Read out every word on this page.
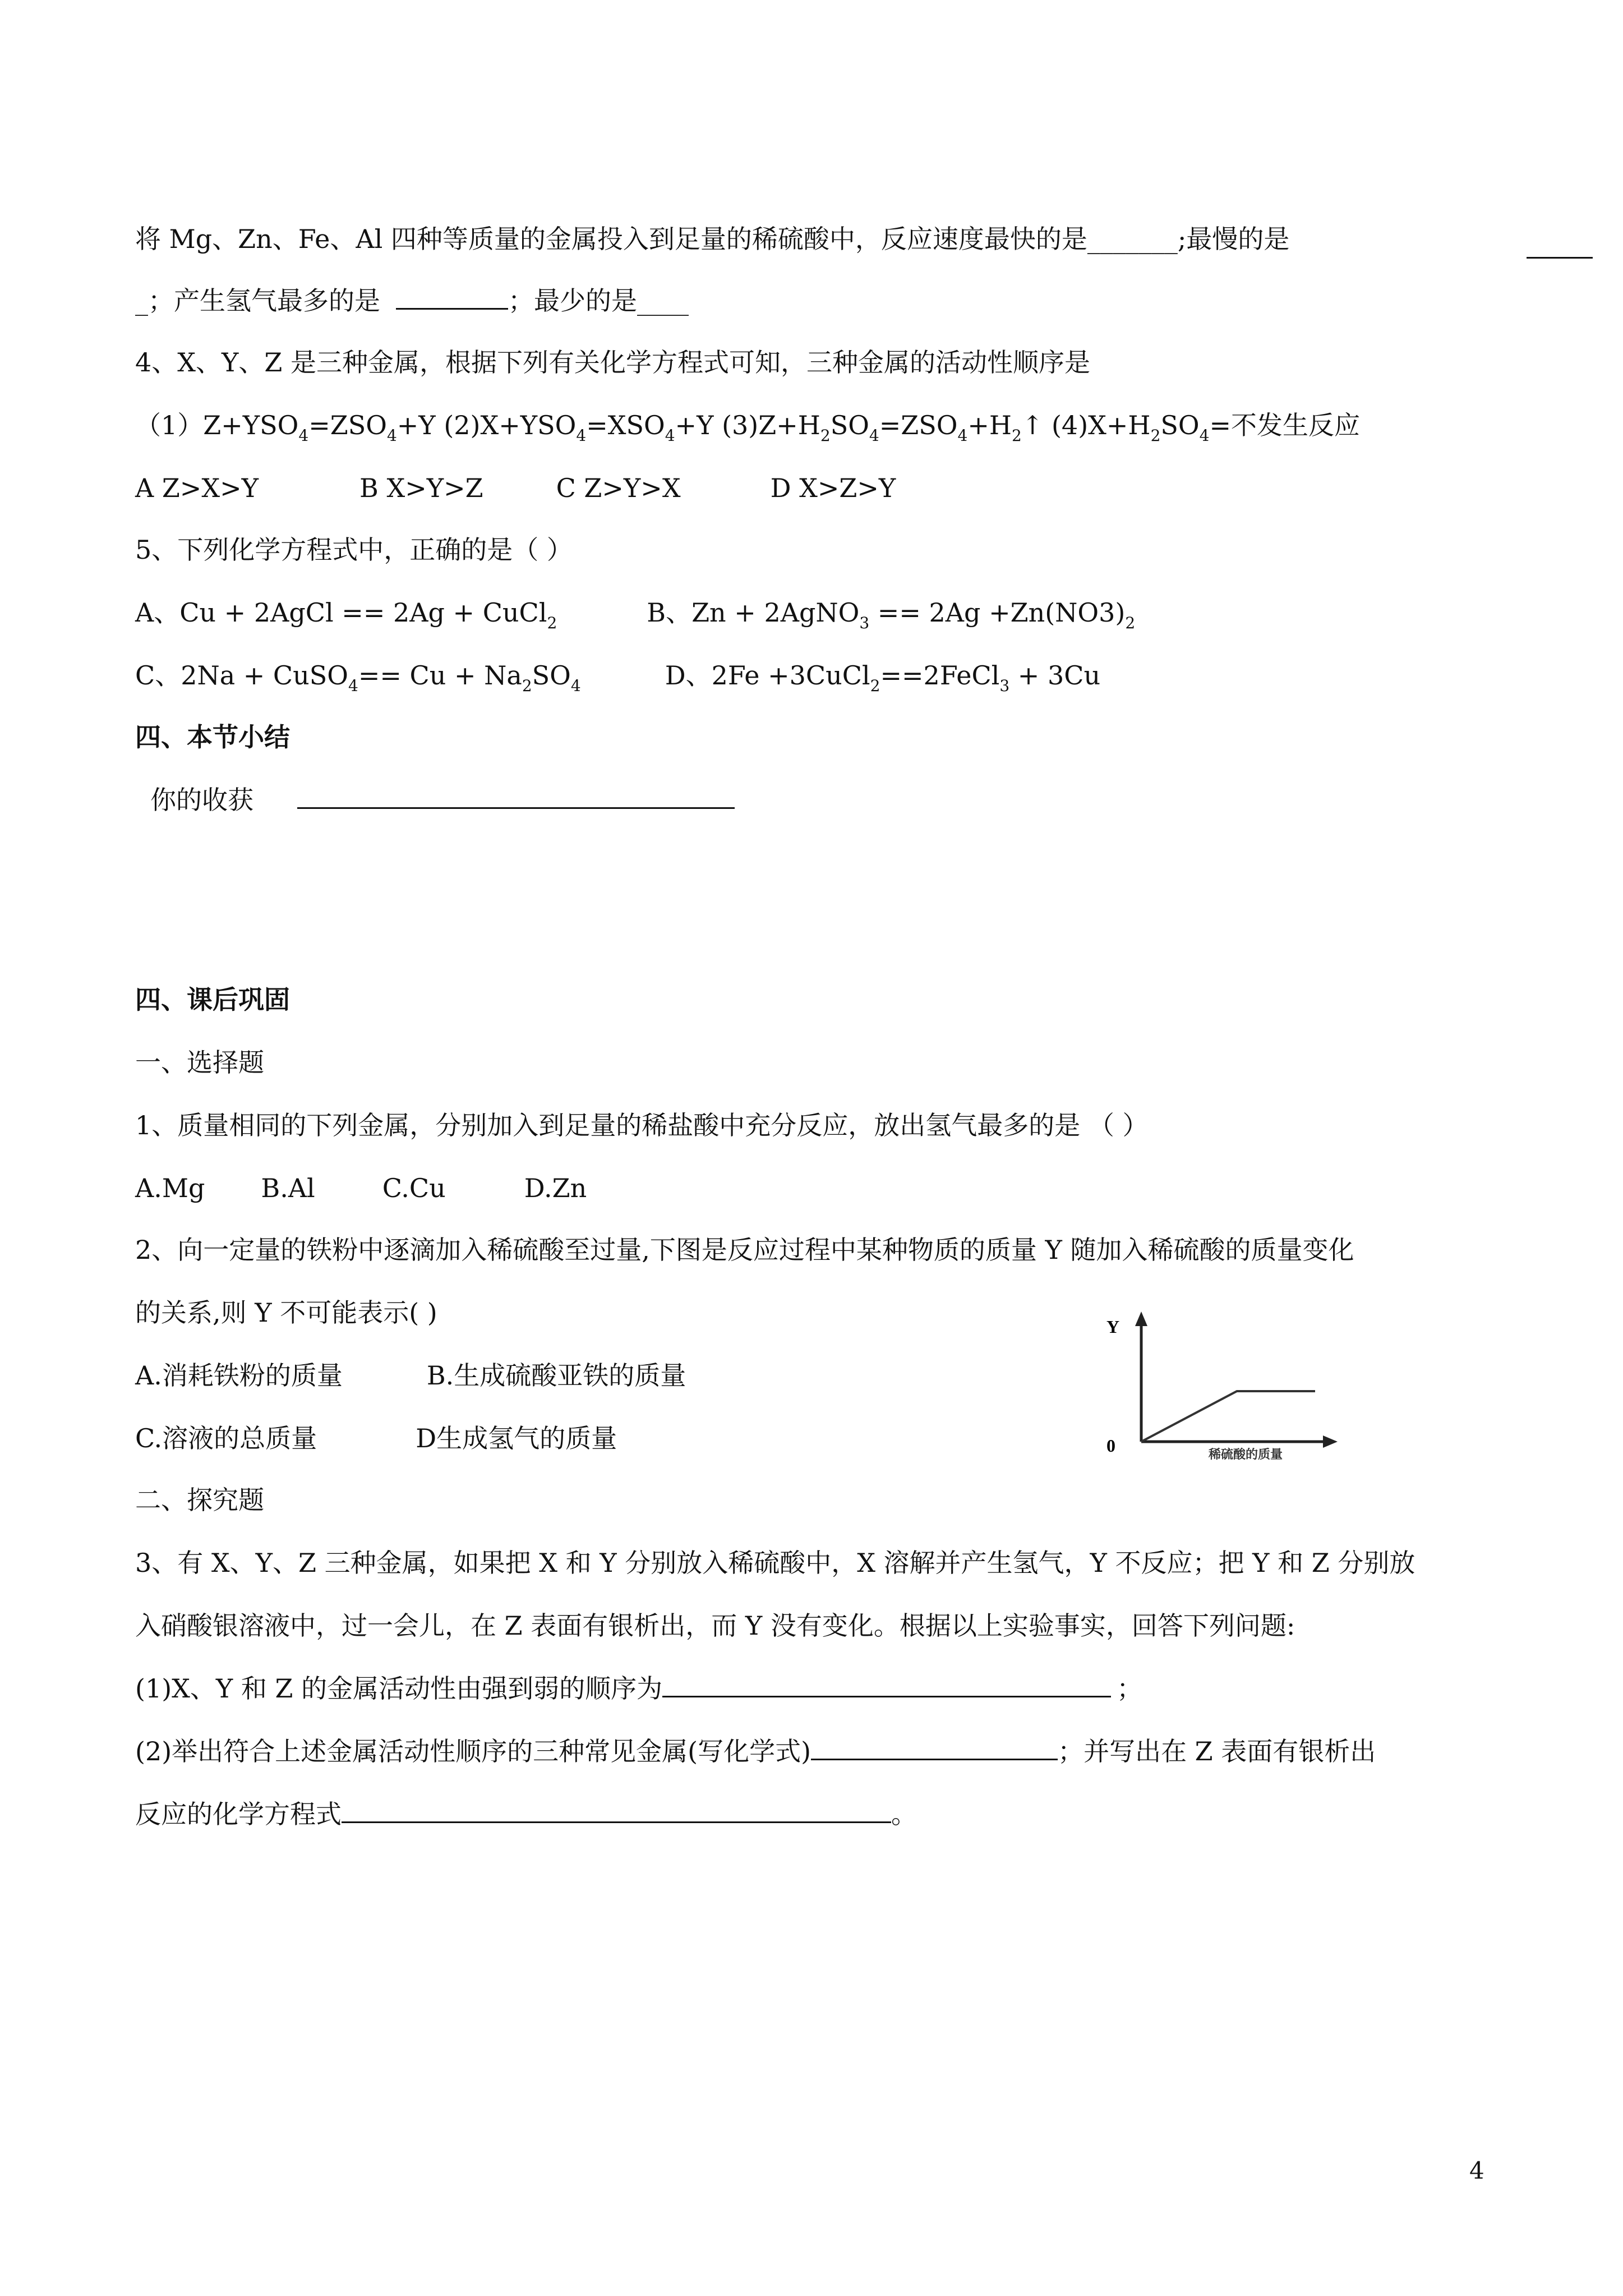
将 Mg、Zn、Fe、Al 四种等质量的金属投入到足量的稀硫酸中，反应速度最快的是_______;最慢的是
_；产生氢气最多的是	；最少的是____
4、X、Y、Z 是三种金属，根据下列有关化学方程式可知，三种金属的活动性顺序是
$(1)Z+YSO_4=ZSO_4+Y$ $(2)X+YSO_4=XSO_4+Y$ $(3)Z+H_2SO_4=ZSO_4+H_2↑$ $(4)X+H_2SO_4=$不发生反应
A Z>X>Y	B X>Y>Z	C Z>Y>X	D X>Z>Y
5、下列化学方程式中，正确的是（ ）
A、Cu + 2AgCl == 2Ag + CuCl$_2$	B、Zn + 2AgNO$_3$ == $2Ag +Zn(NO3)_2$
C、2Na + CuSO$_4$== $Cu + Na_2SO_4$	D、2Fe +3CuCl$_2$==2FeCl$_3$ + 3Cu
四、本节小结
你的收获
四、课后巩固
一、选择题
1、质量相同的下列金属，分别加入到足量的稀盐酸中充分反应，放出氢气最多的是 （ ）
A.Mg B.Al	C.Cu	D.Zn
2、向一定量的铁粉中逐滴加入稀硫酸至过量,下图是反应过程中某种物质的质量 Y 随加入稀硫酸的质量变化
的关系,则 Y 不可能表示( )
A.消耗铁粉的质量	B.生成硫酸亚铁的质量
C.溶液的总质量	D生成氢气的质量
Y
0	稀硫酸的质量
二、探究题
3、有 X、Y、Z 三种金属，如果把 X 和 Y 分别放入稀硫酸中，X 溶解并产生氢气，Y 不反应；把 Y 和 Z 分别放
入硝酸银溶液中，过一会儿，在 Z 表面有银析出，而 Y 没有变化。根据以上实验事实，回答下列问题:
(1)X、Y 和 Z 的金属活动性由强到弱的顺序为	；
(2)举出符合上述金属活动性顺序的三种常见金属(写化学式)	；并写出在 Z 表面有银析出
反应的化学方程式	。
4
